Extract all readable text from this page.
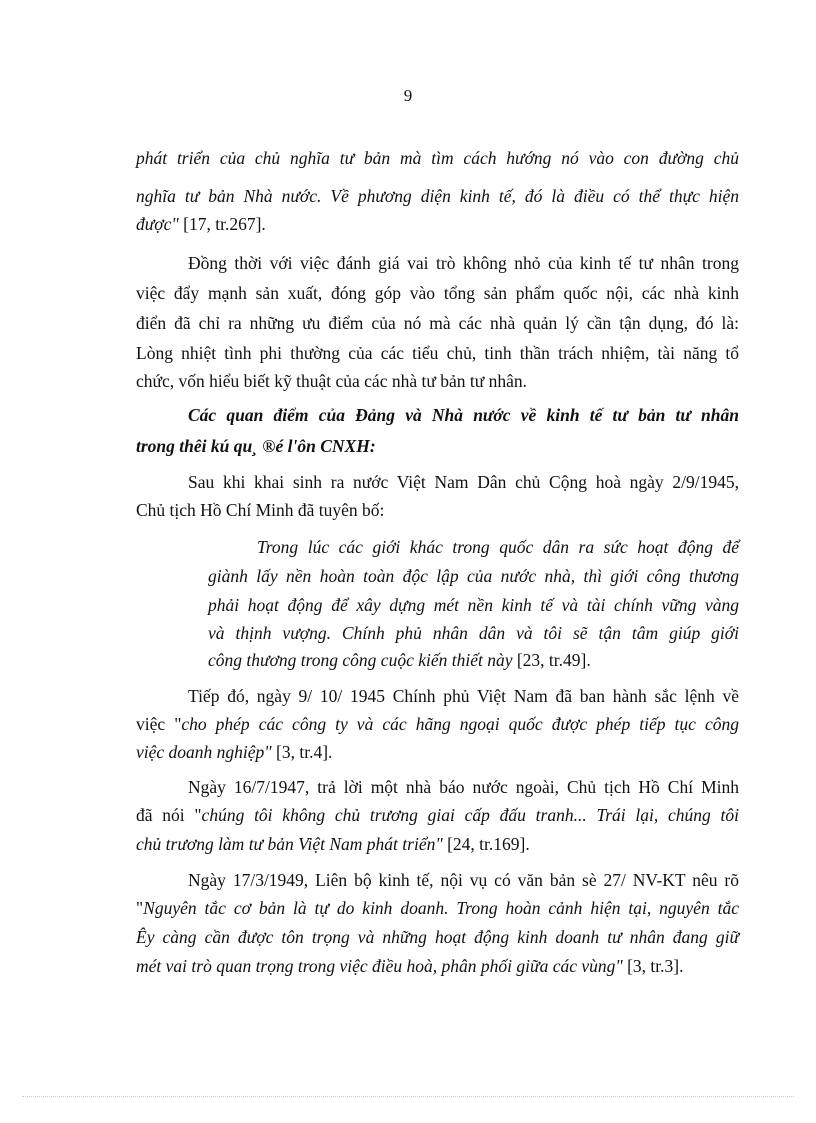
9
phát triển của chủ nghĩa tư bản mà tìm cách hướng nó vào con đường chủ
nghĩa tư bản Nhà nước. Về phương diện kinh tế, đó là điều có thể thực hiện
được" [17, tr.267].
Đồng thời với việc đánh giá vai trò không nhỏ của kinh tế tư nhân trong
việc đẩy mạnh sản xuất, đóng góp vào tổng sản phẩm quốc nội, các nhà kinh
điển đã chỉ ra những ưu điểm của nó mà các nhà quản lý cần tận dụng, đó là:
Lòng nhiệt tình phi thường của các tiểu chủ, tinh thần trách nhiệm, tài năng tổ
chức, vốn hiểu biết kỹ thuật của các nhà tư bản tư nhân.
Các quan điểm của Đảng và Nhà nước về kinh tế tư bản tư nhân
trong thêi kú qu¸ ®é l'ôn CNXH:
Sau khi khai sinh ra nước Việt Nam Dân chủ Cộng hoà ngày 2/9/1945,
Chủ tịch Hồ Chí Minh đã tuyên bố:
Trong lúc các giới khác trong quốc dân ra sức hoạt động để
giành lấy nền hoàn toàn độc lập của nước nhà, thì giới công thương
phải hoạt động để xây dựng mét nền kinh tế và tài chính vững vàng
và thịnh vượng. Chính phủ nhân dân và tôi sẽ tận tâm giúp giới
công thương trong công cuộc kiến thiết này [23, tr.49].
Tiếp đó, ngày 9/ 10/ 1945 Chính phủ Việt Nam đã ban hành sắc lệnh về
việc "cho phép các công ty và các hãng ngoại quốc được phép tiếp tục công
việc doanh nghiệp" [3, tr.4].
Ngày 16/7/1947, trả lời một nhà báo nước ngoài, Chủ tịch Hồ Chí Minh
đã nói "chúng tôi không chủ trương giai cấp đấu tranh... Trái lại, chúng tôi
chủ trương làm tư bản Việt Nam phát triển" [24, tr.169].
Ngày 17/3/1949, Liên bộ kinh tế, nội vụ có văn bản sè 27/ NV-KT nêu rõ
"Nguyên tắc cơ bản là tự do kinh doanh. Trong hoàn cảnh hiện tại, nguyên tắc
Êy càng cần được tôn trọng và những hoạt động kinh doanh tư nhân đang giữ
mét vai trò quan trọng trong việc điều hoà, phân phối giữa các vùng" [3, tr.3].
